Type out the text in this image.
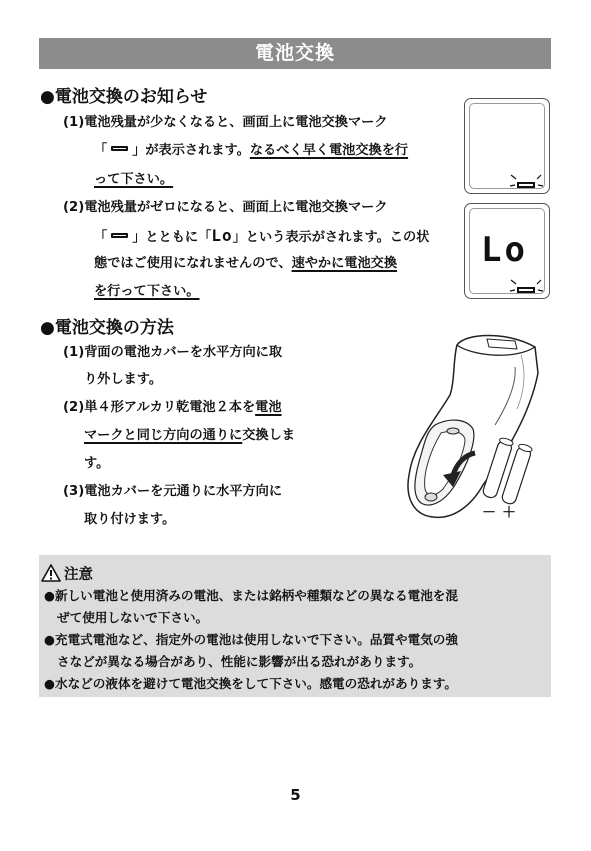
電池交換
●電池交換のお知らせ
(1)電池残量が少なくなると、画面上に電池交換マーク
「 」が表示されます。なるべく早く電池交換を行
って下さい。
(2)電池残量がゼロになると、画面上に電池交換マーク
「 」とともに「Lo」という表示がされます。この状
態ではご使用になれませんので、速やかに電池交換
を行って下さい。
Lo
●電池交換の方法
(1)背面の電池カバーを水平方向に取
り外します。
(2)単４形アルカリ乾電池２本を電池
マークと同じ方向の通りに交換しま
す。
(3)電池カバーを元通りに水平方向に
取り付けます。	－ ＋
注意
●新しい電池と使用済みの電池、または銘柄や種類などの異なる電池を混
ぜて使用しないで下さい。
●充電式電池など、指定外の電池は使用しないで下さい。品質や電気の強
さなどが異なる場合があり、性能に影響が出る恐れがあります。
●水などの液体を避けて電池交換をして下さい。感電の恐れがあります。
5
